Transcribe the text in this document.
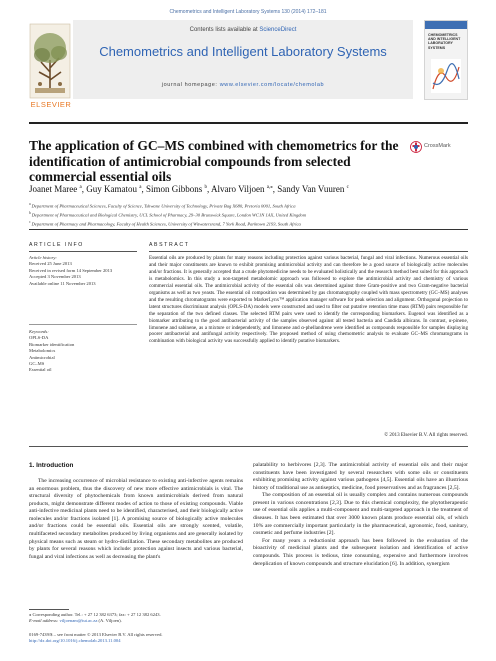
Chemometrics and Intelligent Laboratory Systems 130 (2014) 172–181
ELSEVIER
Contents lists available at ScienceDirect
Chemometrics and Intelligent Laboratory Systems
journal homepage: www.elsevier.com/locate/chemolab
CHEMOMETRICS AND INTELLIGENT LABORATORY SYSTEMS
The application of GC–MS combined with chemometrics for the identification of antimicrobial compounds from selected commercial essential oils
CrossMark
Joanet Maree $^a$, Guy Kamatou $^a$, Simon Gibbons $^b$, Alvaro Viljoen $^{a,⁎}$, Sandy Van Vuuren $^c$
$^a$ Department of Pharmaceutical Sciences, Faculty of Science, Tshwane University of Technology, Private Bag X680, Pretoria 0001, South Africa
$^b$ Department of Pharmaceutical and Biological Chemistry, UCL School of Pharmacy, 29–30 Brunswick Square, London WC1N 1AX, United Kingdom
$^c$ Department of Pharmacy and Pharmacology, Faculty of Health Sciences, University of Witwatersrand, 7 York Road, Parktown 2193, South Africa
ARTICLE INFO	ABSTRACT
Article history:
Received 25 June 2013
Received in revised form 14 September 2013
Accepted 3 November 2013
Available online 11 November 2013
Keywords:
OPLS-DA
Biomarker identification
Metabolomics
Antimicrobial
GC–MS
Essential oil

Essential oils are produced by plants for many reasons including protection against various bacterial, fungal and viral infections. Numerous essential oils and their major constituents are known to exhibit promising antimicrobial activity and can therefore be a good source of biologically active molecules and/or fractions. It is generally accepted that a crude phytomedicine needs to be evaluated holistically and the research method best suited for this approach is metabolomics. In this study a non-targeted metabolomic approach was followed to explore the antimicrobial activity and chemistry of various commercial essential oils. The antimicrobial activity of the essential oils was determined against three Gram-positive and two Gram-negative bacterial organisms as well as two yeasts. The essential oil composition was determined by gas chromatography coupled with mass spectrometry (GC–MS) analyses and the resulting chromatograms were exported to MarkerLynx™ application manager software for peak selection and alignment. Orthogonal projection to latent structures discriminant analysis (OPLS-DA) models were constructed and used to filter out putative retention time mass (RTM) pairs responsible for the separation of the two defined classes. The selected RTM pairs were used to identify the corresponding biomarkers. Eugenol was identified as a biomarker attributing to the good antibacterial activity of the samples observed against all tested bacteria and Candida albicans. In contrast, α-pinene, limonene and sabinene, as a mixture or independently, and limonene and α-phellandrene were identified as compounds responsible for samples displaying poorer antibacterial and antifungal activity respectively. The proposed method of using chemometric analysis to evaluate GC–MS chromatograms in combination with biological activity was successfully applied to identify putative biomarkers.

© 2013 Elsevier B.V. All rights reserved.
1. Introduction

The increasing occurrence of microbial resistance to existing anti-infective agents remains an enormous problem, thus the discovery of new more effective antimicrobials is vital. The structural diversity of phytochemicals from known antimicrobials derived from natural products, might demonstrate different modes of action to those of existing compounds. Viable anti-infective medicinal plants need to be identified, characterised, and their biologically active molecules and/or fractions isolated [1]. A promising source of biologically active molecules and/or fractions could be essential oils. Essential oils are strongly scented, volatile, multifaceted secondary metabolites produced by living organisms and are generally isolated by physical means such as steam or hydro-distillation. These secondary metabolites are produced by plants for several reasons which include: protection against insects and various bacterial, fungal and viral infections as well as decreasing the plant's

palatability to herbivores [2,3]. The antimicrobial activity of essential oils and their major constituents have been investigated by several researchers with some oils or constituents exhibiting promising activity against various pathogens [4,5]. Essential oils have an illustrious history of traditional use as antiseptics, medicine, food preservatives and as fragrances [2,5].

The composition of an essential oil is usually complex and contains numerous compounds present in various concentrations [2,3]. Due to this chemical complexity, the phytotherapeutic use of essential oils applies a multi-component and multi-targeted approach in the treatment of diseases. It has been estimated that over 3000 known plants produce essential oils, of which 10% are commercially important particularly in the pharmaceutical, agronomic, food, sanitary, cosmetic and perfume industries [2].

For many years a reductionist approach has been followed in the evaluation of the bioactivity of medicinal plants and the subsequent isolation and identification of active compounds. This process is tedious, time consuming, expensive and furthermore involves dereplication of known compounds and structure elucidation [6]. In addition, synergism

⁎ Corresponding author. Tel.: + 27 12 382 6373; fax: + 27 12 382 6243.
E-mail address: viljoenam@tut.ac.za (A. Viljoen).
0169-7439/$ – see front matter © 2013 Elsevier B.V. All rights reserved.
http://dx.doi.org/10.1016/j.chemolab.2013.11.004
